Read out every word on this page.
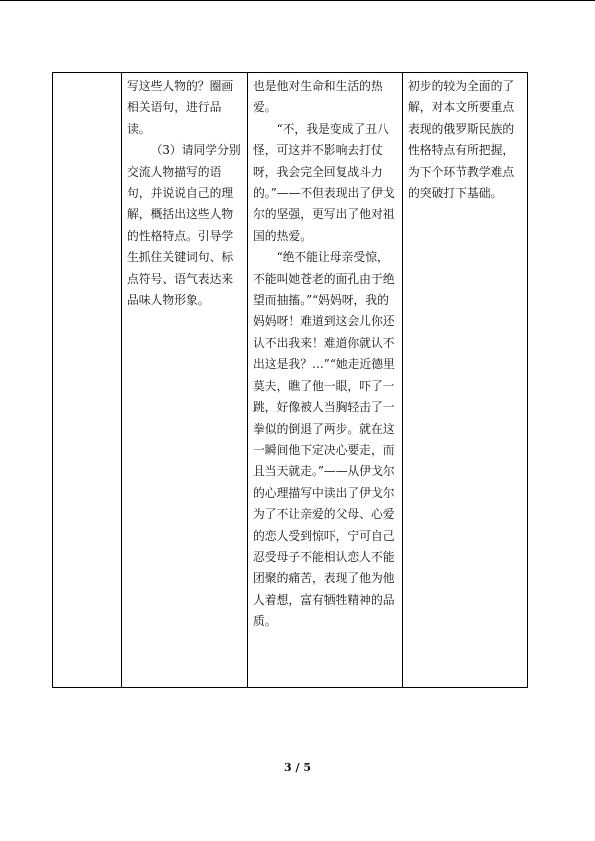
写这些人物的？圈画相关语句，进行品读。

（3）请同学分别交流人物描写的语句，并说说自己的理解，概括出这些人物的性格特点。引导学生抓住关键词句、标点符号、语气表达来品味人物形象。

也是他对生命和生活的热爱。

“不，我是变成了丑八怪，可这并不影响去打仗呀，我会完全回复战斗力的。”——不但表现出了伊戈尔的坚强，更写出了他对祖国的热爱。

“绝不能让母亲受惊，不能叫她苍老的面孔由于绝望而抽搐。”“妈妈呀，我的妈妈呀！难道到这会儿你还认不出我来！难道你就认不出这是我？…”“她走近德里莫夫，瞧了他一眼，吓了一跳，好像被人当胸轻击了一拳似的倒退了两步。就在这一瞬间他下定决心要走，而且当天就走。”——从伊戈尔的心理描写中读出了伊戈尔为了不让亲爱的父母、心爱的恋人受到惊吓，宁可自己忍受母子不能相认恋人不能团聚的痛苦，表现了他为他人着想，富有牺牲精神的品质。

初步的较为全面的了解，对本文所要重点表现的俄罗斯民族的性格特点有所把握，为下个环节教学难点的突破打下基础。

3 / 5
